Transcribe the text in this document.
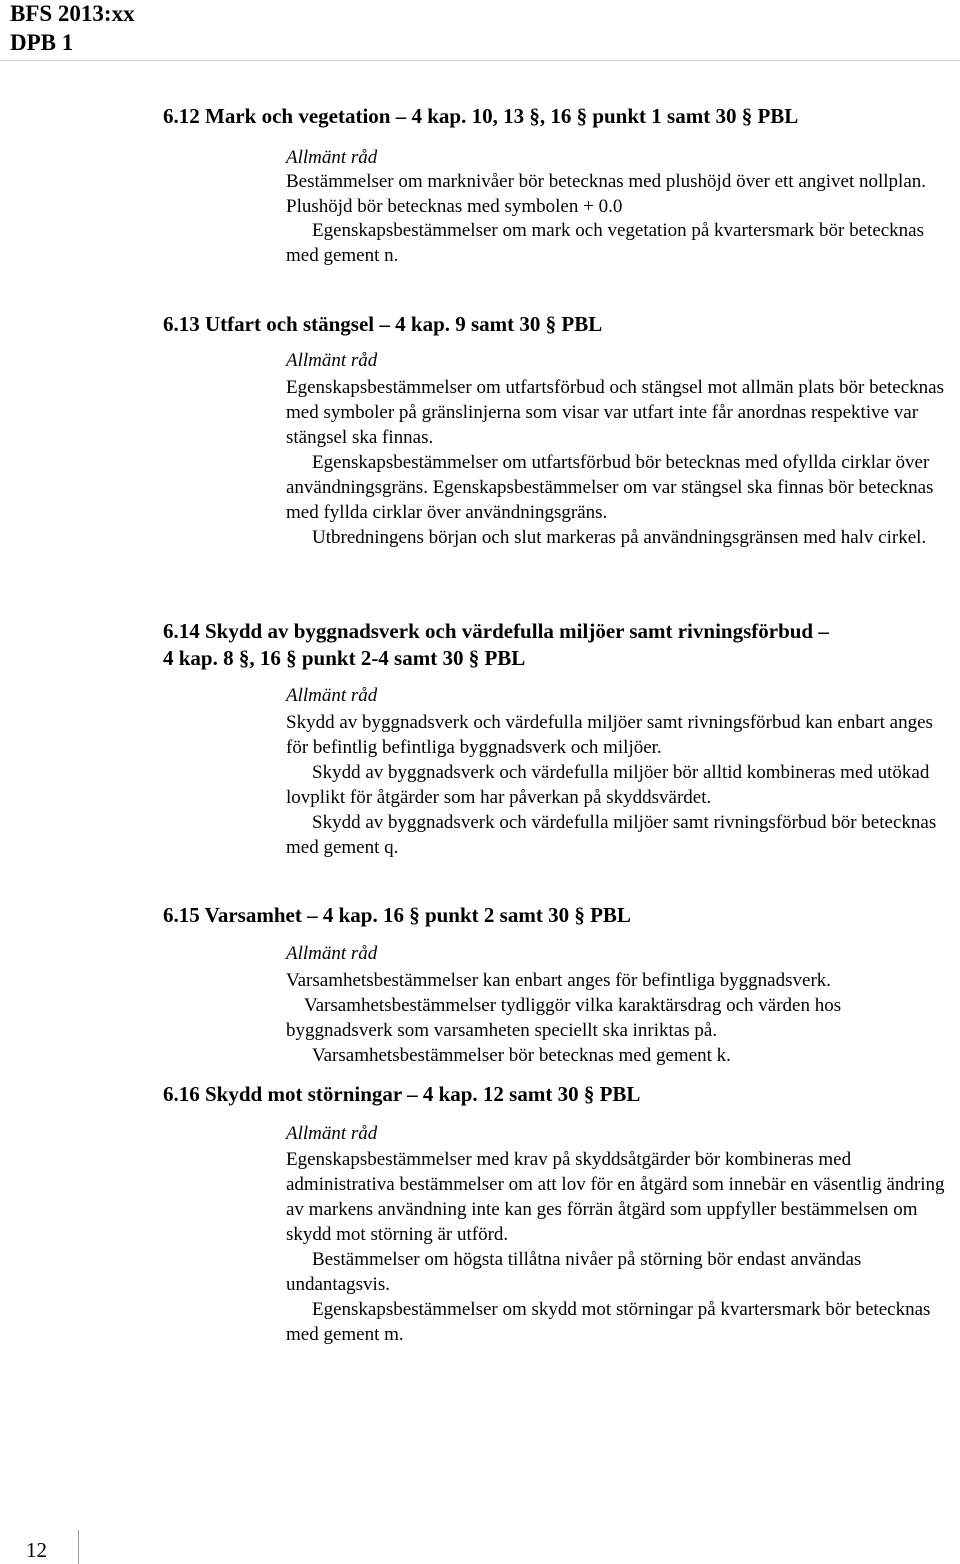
BFS 2013:xx
DPB 1
6.12 Mark och vegetation – 4 kap. 10, 13 §, 16 § punkt 1 samt 30 § PBL
Allmänt råd
Bestämmelser om marknivåer bör betecknas med plushöjd över ett angivet nollplan. Plushöjd bör betecknas med symbolen + 0.0
Egenskapsbestämmelser om mark och vegetation på kvartersmark bör betecknas med gement n.
6.13 Utfart och stängsel – 4 kap. 9 samt 30 § PBL
Allmänt råd
Egenskapsbestämmelser om utfartsförbud och stängsel mot allmän plats bör betecknas med symboler på gränslinjerna som visar var utfart inte får anordnas respektive var stängsel ska finnas.
Egenskapsbestämmelser om utfartsförbud bör betecknas med ofyllda cirklar över användningsgräns. Egenskapsbestämmelser om var stängsel ska finnas bör betecknas med fyllda cirklar över användningsgräns.
Utbredningens början och slut markeras på användningsgränsen med halv cirkel.
6.14 Skydd av byggnadsverk och värdefulla miljöer samt rivningsförbud –
4 kap. 8 §, 16 § punkt 2-4 samt 30 § PBL
Allmänt råd
Skydd av byggnadsverk och värdefulla miljöer samt rivningsförbud kan enbart anges för befintlig befintliga byggnadsverk och miljöer.
Skydd av byggnadsverk och värdefulla miljöer bör alltid kombineras med utökad lovplikt för åtgärder som har påverkan på skyddsvärdet.
Skydd av byggnadsverk och värdefulla miljöer samt rivningsförbud bör betecknas med gement q.
6.15 Varsamhet – 4 kap. 16 § punkt 2 samt 30 § PBL
Allmänt råd
Varsamhetsbestämmelser kan enbart anges för befintliga byggnadsverk.
Varsamhetsbestämmelser tydliggör vilka karaktärsdrag och värden hos byggnadsverk som varsamheten speciellt ska inriktas på.
Varsamhetsbestämmelser bör betecknas med gement k.
6.16 Skydd mot störningar – 4 kap. 12 samt 30 § PBL
Allmänt råd
Egenskapsbestämmelser med krav på skyddsåtgärder bör kombineras med administrativa bestämmelser om att lov för en åtgärd som innebär en väsentlig ändring av markens användning inte kan ges förrän åtgärd som uppfyller bestämmelsen om skydd mot störning är utförd.
Bestämmelser om högsta tillåtna nivåer på störning bör endast användas undantagsvis.
Egenskapsbestämmelser om skydd mot störningar på kvartersmark bör betecknas med gement m.
12
